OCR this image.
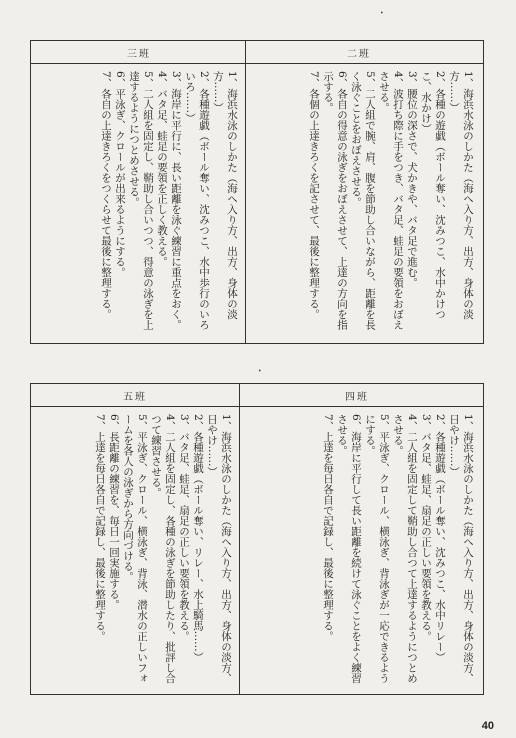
二班

1、海浜水泳のしかた（海へ入り方、出方、身体の淡方……）

2、各種の遊戯（ボール奪い、沈みつこ、水中かけつこ、水かけ）

3、腰位の深さで、犬かきや、バタ足で進む。

4、波打ち際に手をつき、バタ足、蛙足の要領をおぼえさせる。

5、二人組で腕、肩、腹を節助し合いながら、距離を長く泳ぐことをおぼえさせる。

6、各自の得意の泳ぎをおぼえさせて、上達の方向を指示する。

7、各個の上達きろくを記させて、最後に整理する。

三班

1、海浜水泳のしかた（海へ入り方、出方、身体の淡方……）

2、各種遊戯（ボール奪い、沈みつこ、水中歩行のいろいろ……）

3、海岸に平行に、長い距離を泳ぐ練習に重点をおく。

4、バタ足、蛙足の要領を正しく教える。

5、二人組を固定し、鞘助し合いつつ、得意の泳ぎを上達するようにつとめさせる。

6、平泳ぎ、クロールが出来るようにする。

7、各自の上達きろくをつくらせて最後に整理する。

四班

1、海浜水泳のしかた（海へ入り方、出方、身体の淡方、日やけ……）

2、各種遊戯（ボール奪い、沈みつこ、水中リレー）

3、バタ足、蛙足、扇足の正しい要領を教える。

4、二人組を固定して鞘助し合つて上達するようにつとめさせる。

5、平泳ぎ、クロール、横泳ぎ、背泳ぎが一応できるようにする。

6、海岸に平行して長い距離を続けて泳ぐことをよく練習させる。

7、上達を毎日各自で記録し、最後に整理する。

五班

1、海浜水泳のしかた（海へ入り方、出方、身体の淡方、日やけ……）

2、各種遊戯（ボール奪い、リレー、水上騎馬……）

3、バタ足、蛙足、扇足の正しい要領を教える。

4、二人組を固定し、各種の泳ぎを節助したり、批評し合つて練習させる。

5、平泳ぎ、クロール、横泳ぎ、背泳、潜水の正しいフォームを各人の泳ぎから方向づける。

6、長距離の練習を、毎日一回実施する。

7、上達を毎日各自で記録し、最後に整理する。

•
•
40
